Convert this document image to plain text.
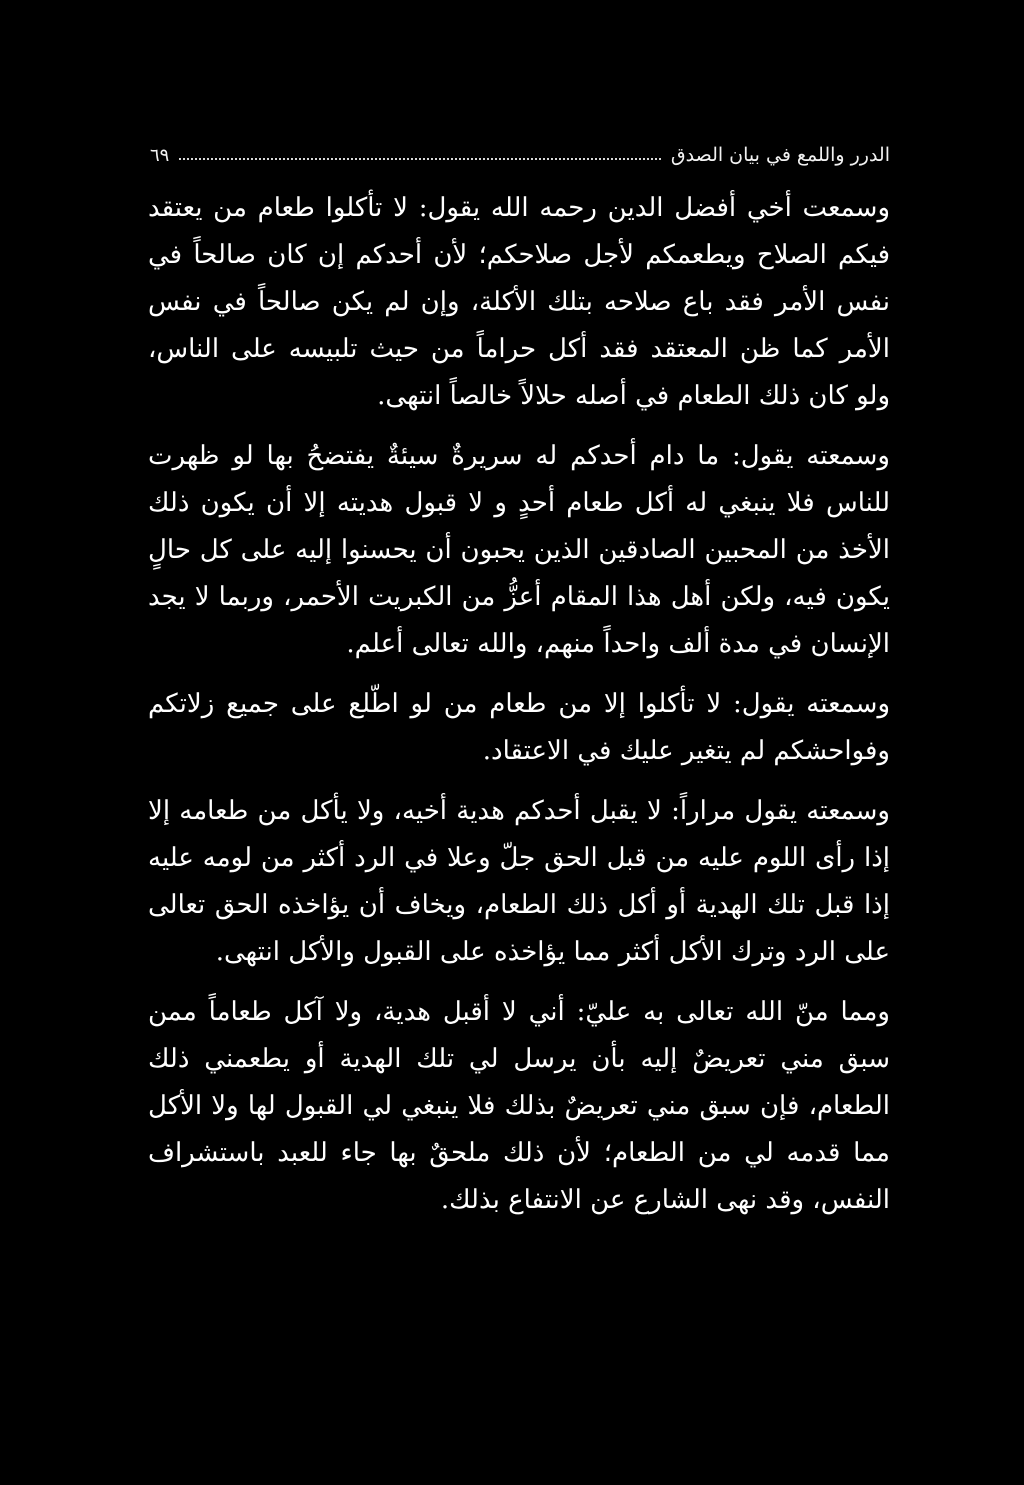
الدرر واللمع في بيان الصدق
٦٩

وسمعت أخي أفضل الدين رحمه الله يقول: لا تأكلوا طعام من يعتقد فيكم الصلاح ويطعمكم لأجل صلاحكم؛ لأن أحدكم إن كان صالحاً في نفس الأمر فقد باع صلاحه بتلك الأكلة، وإن لم يكن صالحاً في نفس الأمر كما ظن المعتقد فقد أكل حراماً من حيث تلبيسه على الناس، ولو كان ذلك الطعام في أصله حلالاً خالصاً انتهى.

وسمعته يقول: ما دام أحدكم له سريرةٌ سيئةٌ يفتضحُ بها لو ظهرت للناس فلا ينبغي له أكل طعام أحدٍ و لا قبول هديته إلا أن يكون ذلك الأخذ من المحبين الصادقين الذين يحبون أن يحسنوا إليه على كل حالٍ يكون فيه، ولكن أهل هذا المقام أعزُّ من الكبريت الأحمر، وربما لا يجد الإنسان في مدة ألف واحداً منهم، والله تعالى أعلم.

وسمعته يقول: لا تأكلوا إلا من طعام من لو اطّلع على جميع زلاتكم وفواحشكم لم يتغير عليك في الاعتقاد.

وسمعته يقول مراراً: لا يقبل أحدكم هدية أخيه، ولا يأكل من طعامه إلا إذا رأى اللوم عليه من قبل الحق جلّ وعلا في الرد أكثر من لومه عليه إذا قبل تلك الهدية أو أكل ذلك الطعام، ويخاف أن يؤاخذه الحق تعالى على الرد وترك الأكل أكثر مما يؤاخذه على القبول والأكل انتهى.

ومما منّ الله تعالى به عليّ: أني لا أقبل هدية، ولا آكل طعاماً ممن سبق مني تعريضٌ إليه بأن يرسل لي تلك الهدية أو يطعمني ذلك الطعام، فإن سبق مني تعريضٌ بذلك فلا ينبغي لي القبول لها ولا الأكل مما قدمه لي من الطعام؛ لأن ذلك ملحقٌ بها جاء للعبد باستشراف النفس، وقد نهى الشارع عن الانتفاع بذلك.
